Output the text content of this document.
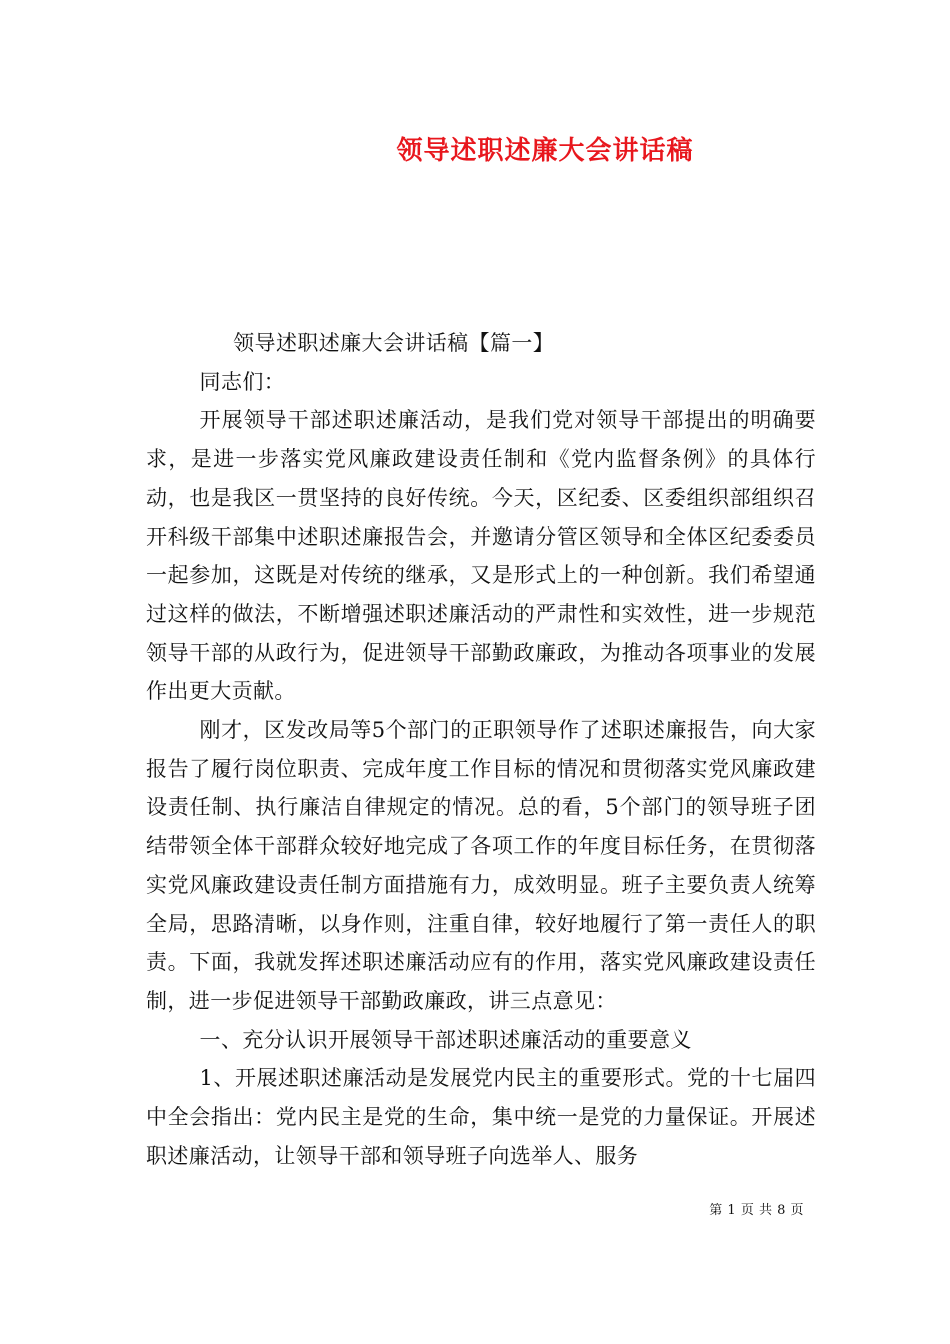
领导述职述廉大会讲话稿

领导述职述廉大会讲话稿【篇一】

同志们：

开展领导干部述职述廉活动，是我们党对领导干部提出的明确要求，是进一步落实党风廉政建设责任制和《党内监督条例》的具体行动，也是我区一贯坚持的良好传统。今天，区纪委、区委组织部组织召开科级干部集中述职述廉报告会，并邀请分管区领导和全体区纪委委员一起参加，这既是对传统的继承，又是形式上的一种创新。我们希望通过这样的做法，不断增强述职述廉活动的严肃性和实效性，进一步规范领导干部的从政行为，促进领导干部勤政廉政，为推动各项事业的发展作出更大贡献。

刚才，区发改局等5个部门的正职领导作了述职述廉报告，向大家报告了履行岗位职责、完成年度工作目标的情况和贯彻落实党风廉政建设责任制、执行廉洁自律规定的情况。总的看，5个部门的领导班子团结带领全体干部群众较好地完成了各项工作的年度目标任务，在贯彻落实党风廉政建设责任制方面措施有力，成效明显。班子主要负责人统筹全局，思路清晰，以身作则，注重自律，较好地履行了第一责任人的职责。下面，我就发挥述职述廉活动应有的作用，落实党风廉政建设责任制，进一步促进领导干部勤政廉政，讲三点意见：

一、充分认识开展领导干部述职述廉活动的重要意义

1、开展述职述廉活动是发展党内民主的重要形式。党的十七届四中全会指出：党内民主是党的生命，集中统一是党的力量保证。开展述职述廉活动，让领导干部和领导班子向选举人、服务

第 1 页 共 8 页
